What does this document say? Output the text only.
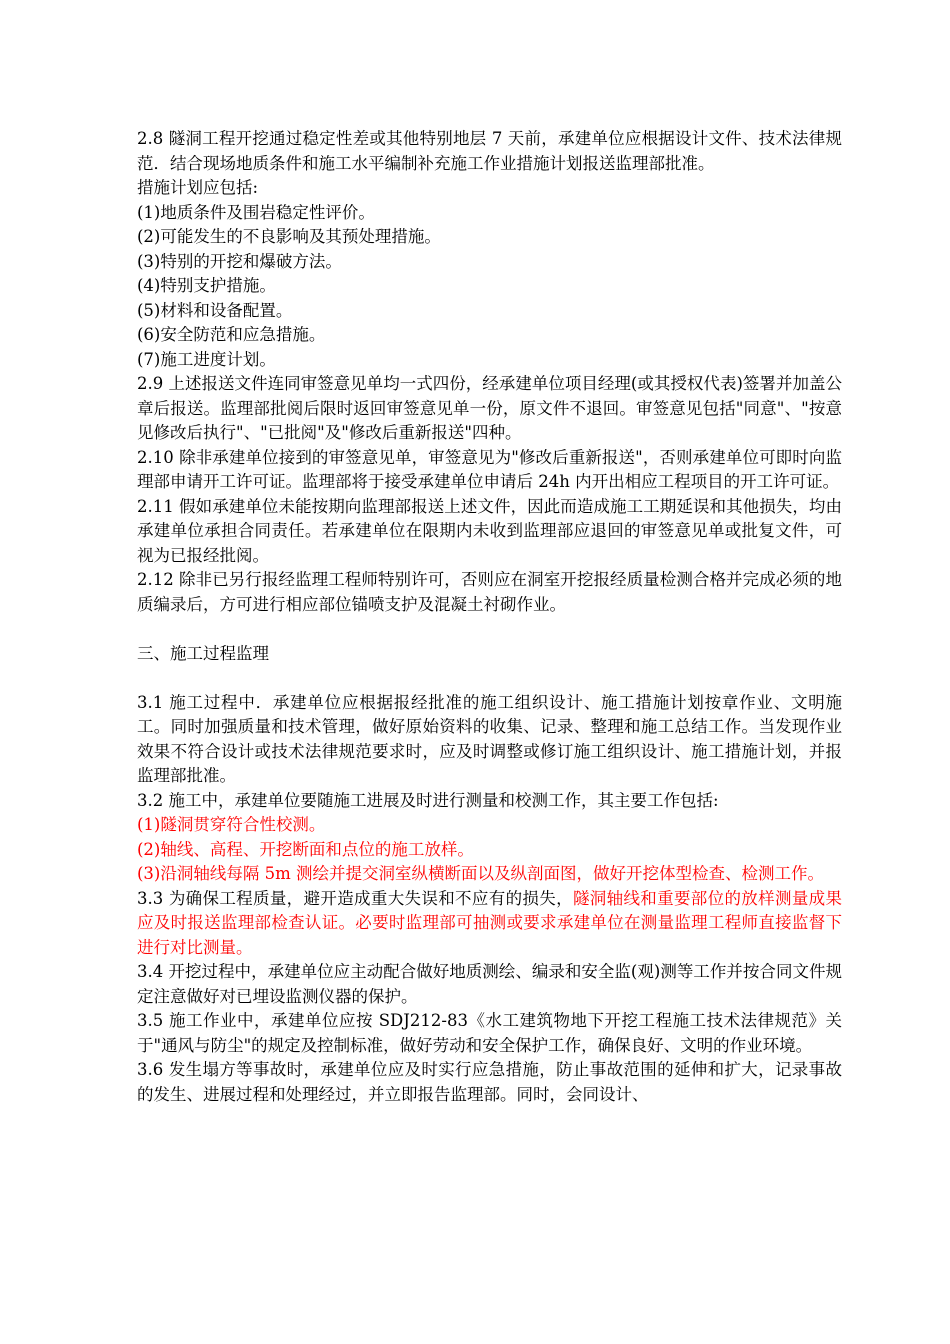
2.8 隧洞工程开挖通过稳定性差或其他特别地层 7 天前，承建单位应根据设计文件、技术法律规范．结合现场地质条件和施工水平编制补充施工作业措施计划报送监理部批准。

措施计划应包括:

(1)地质条件及围岩稳定性评价。

(2)可能发生的不良影响及其预处理措施。

(3)特别的开挖和爆破方法。

(4)特别支护措施。

(5)材料和设备配置。

(6)安全防范和应急措施。

(7)施工进度计划。

2.9 上述报送文件连同审签意见单均一式四份，经承建单位项目经理(或其授权代表)签署并加盖公章后报送。监理部批阅后限时返回审签意见单一份，原文件不退回。审签意见包括"同意"、"按意见修改后执行"、"已批阅"及"修改后重新报送"四种。

2.10 除非承建单位接到的审签意见单，审签意见为"修改后重新报送"，否则承建单位可即时向监理部申请开工许可证。监理部将于接受承建单位申请后 24h 内开出相应工程项目的开工许可证。

2.11 假如承建单位未能按期向监理部报送上述文件，因此而造成施工工期延误和其他损失，均由承建单位承担合同责任。若承建单位在限期内未收到监理部应退回的审签意见单或批复文件，可视为已报经批阅。

2.12 除非已另行报经监理工程师特别许可，否则应在洞室开挖报经质量检测合格并完成必须的地质编录后，方可进行相应部位锚喷支护及混凝土衬砌作业。

三、施工过程监理

3.1 施工过程中．承建单位应根据报经批准的施工组织设计、施工措施计划按章作业、文明施工。同时加强质量和技术管理，做好原始资料的收集、记录、整理和施工总结工作。当发现作业效果不符合设计或技术法律规范要求时，应及时调整或修订施工组织设计、施工措施计划，并报监理部批准。

3.2 施工中，承建单位要随施工进展及时进行测量和校测工作，其主要工作包括:

(1)隧洞贯穿符合性校测。

(2)轴线、高程、开挖断面和点位的施工放样。

(3)沿洞轴线每隔 5m 测绘并提交洞室纵横断面以及纵剖面图，做好开挖体型检查、检测工作。

3.3 为确保工程质量，避开造成重大失误和不应有的损失，隧洞轴线和重要部位的放样测量成果应及时报送监理部检查认证。必要时监理部可抽测或要求承建单位在测量监理工程师直接监督下进行对比测量。

3.4 开挖过程中，承建单位应主动配合做好地质测绘、编录和安全监(观)测等工作并按合同文件规定注意做好对已埋设监测仪器的保护。

3.5 施工作业中，承建单位应按 SDJ212-83《水工建筑物地下开挖工程施工技术法律规范》关于"通风与防尘"的规定及控制标准，做好劳动和安全保护工作，确保良好、文明的作业环境。

3.6 发生塌方等事故时，承建单位应及时实行应急措施，防止事故范围的延伸和扩大，记录事故的发生、进展过程和处理经过，并立即报告监理部。同时，会同设计、
